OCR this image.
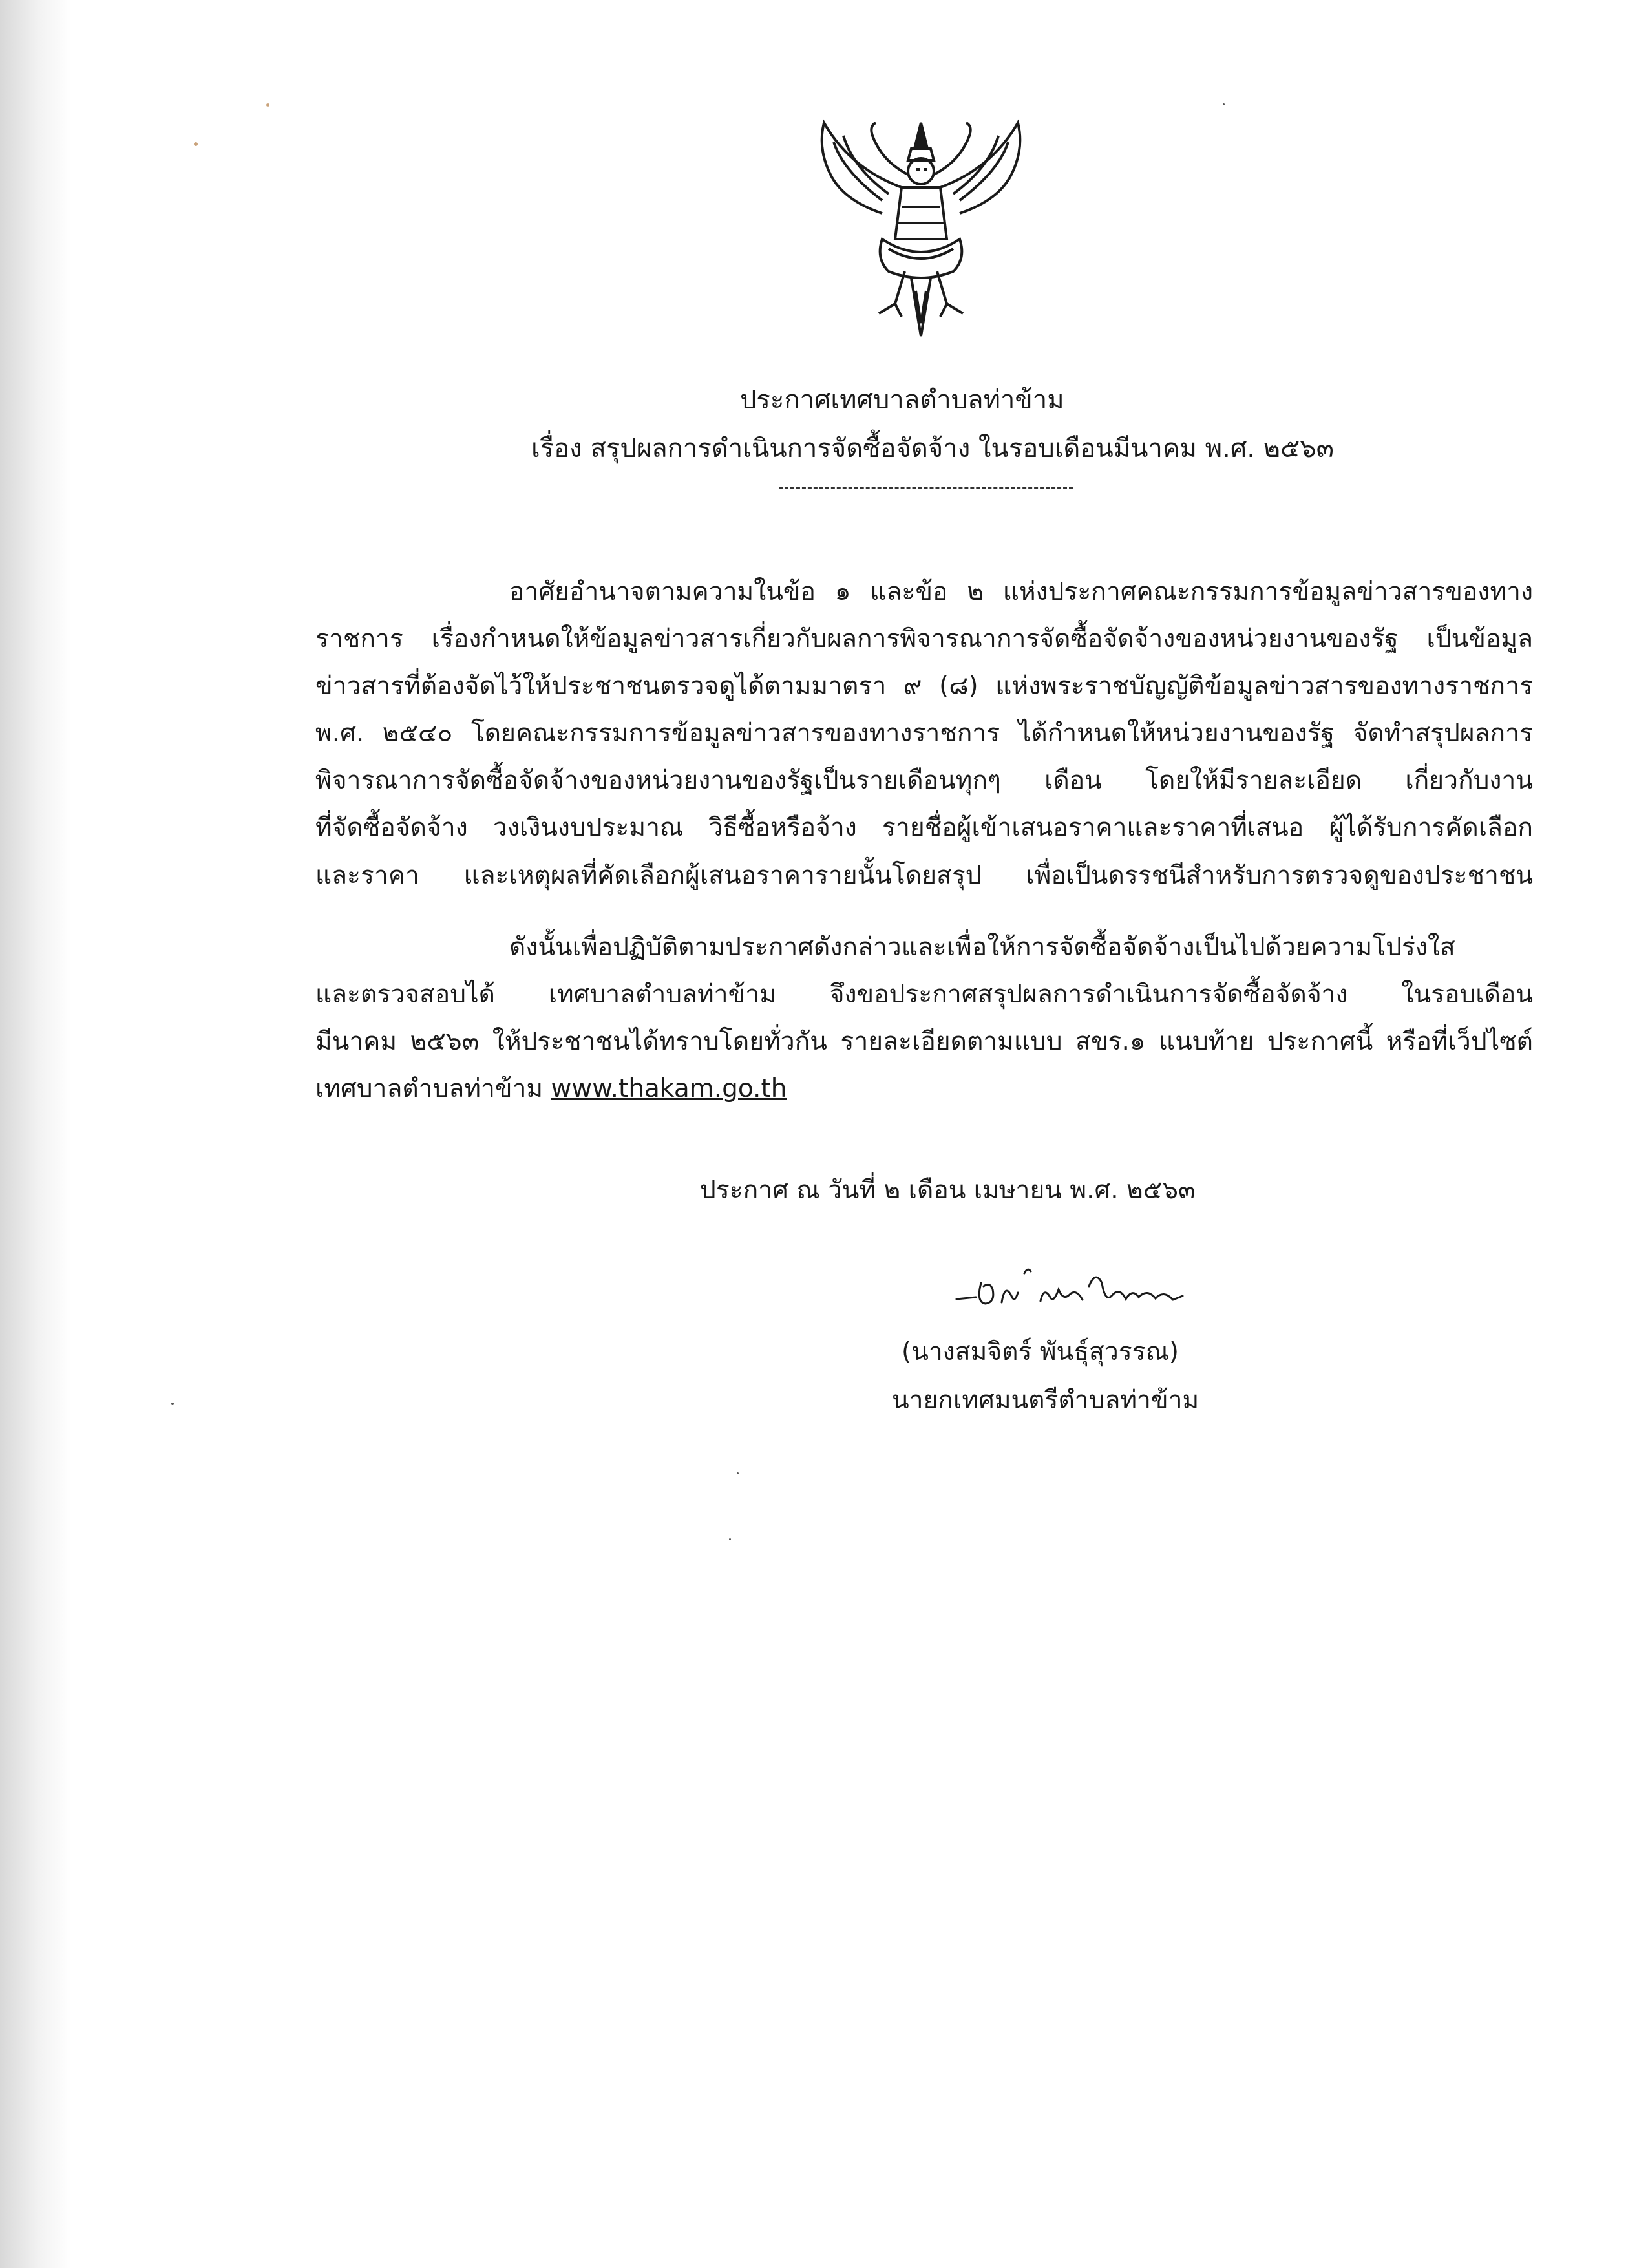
ประกาศเทศบาลตำบลท่าข้าม
เรื่อง สรุปผลการดำเนินการจัดซื้อจัดจ้าง ในรอบเดือนมีนาคม พ.ศ. ๒๕๖๓
อาศัยอำนาจตามความในข้อ ๑ และข้อ ๒ แห่งประกาศคณะกรรมการข้อมูลข่าวสารของทาง
ราชการ เรื่องกำหนดให้ข้อมูลข่าวสารเกี่ยวกับผลการพิจารณาการจัดซื้อจัดจ้างของหน่วยงานของรัฐ เป็นข้อมูล
ข่าวสารที่ต้องจัดไว้ให้ประชาชนตรวจดูได้ตามมาตรา ๙ (๘) แห่งพระราชบัญญัติข้อมูลข่าวสารของทางราชการ
พ.ศ. ๒๕๔๐ โดยคณะกรรมการข้อมูลข่าวสารของทางราชการ ได้กำหนดให้หน่วยงานของรัฐ จัดทำสรุปผลการ
พิจารณาการจัดซื้อจัดจ้างของหน่วยงานของรัฐเป็นรายเดือนทุกๆ เดือน โดยให้มีรายละเอียด เกี่ยวกับงาน
ที่จัดซื้อจัดจ้าง วงเงินงบประมาณ วิธีซื้อหรือจ้าง รายชื่อผู้เข้าเสนอราคาและราคาที่เสนอ ผู้ได้รับการคัดเลือก
และราคา และเหตุผลที่คัดเลือกผู้เสนอราคารายนั้นโดยสรุป เพื่อเป็นดรรชนีสำหรับการตรวจดูของประชาชน
ดังนั้นเพื่อปฏิบัติตามประกาศดังกล่าวและเพื่อให้การจัดซื้อจัดจ้างเป็นไปด้วยความโปร่งใส
และตรวจสอบได้ เทศบาลตำบลท่าข้าม จึงขอประกาศสรุปผลการดำเนินการจัดซื้อจัดจ้าง ในรอบเดือน
มีนาคม ๒๕๖๓ ให้ประชาชนได้ทราบโดยทั่วกัน รายละเอียดตามแบบ สขร.๑ แนบท้าย ประกาศนี้ หรือที่เว็ปไซต์
เทศบาลตำบลท่าข้าม www.thakam.go.th
ประกาศ ณ วันที่ ๒ เดือน เมษายน พ.ศ. ๒๕๖๓
(นางสมจิตร์ พันธุ์สุวรรณ)
นายกเทศมนตรีตำบลท่าข้าม
